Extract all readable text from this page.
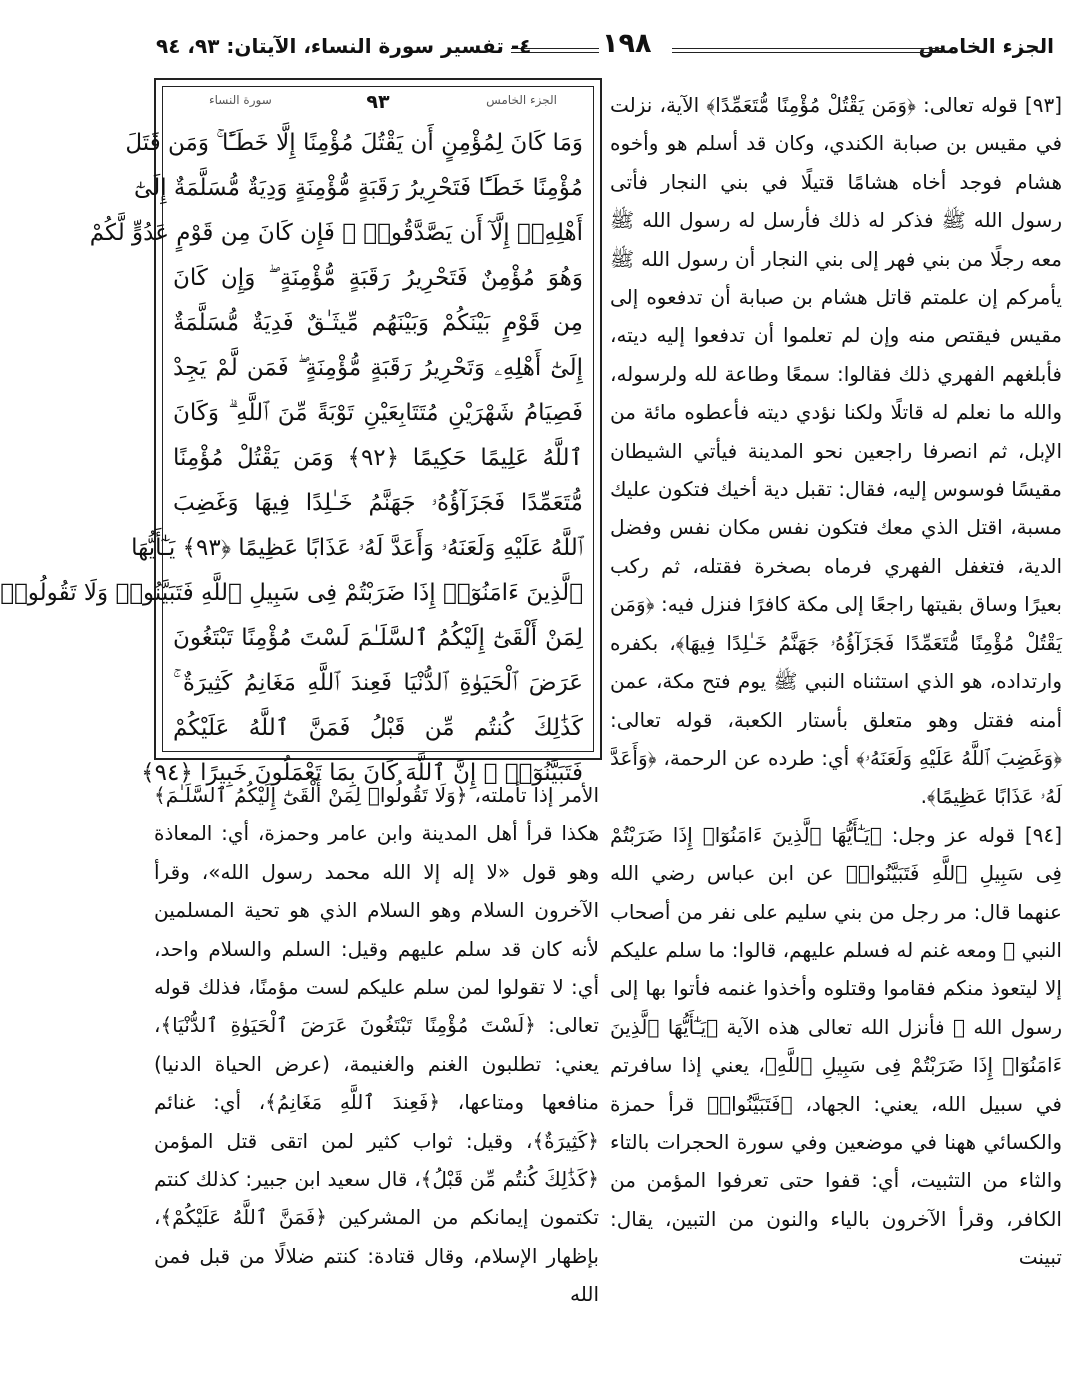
الجزء الخامس
١٩٨
٤- تفسير سورة النساء، الآيتان: ٩٣، ٩٤

[٩٣] قوله تعالى: ﴿وَمَن يَقْتُلْ مُؤْمِنًا مُّتَعَمِّدًا﴾ الآية، نزلت في مقيس بن صبابة الكندي، وكان قد أسلم هو وأخوه هشام فوجد أخاه هشامًا قتيلًا في بني النجار فأتى رسول الله ﷺ فذكر له ذلك فأرسل له رسول الله ﷺ معه رجلًا من بني فهر إلى بني النجار أن رسول الله ﷺ يأمركم إن علمتم قاتل هشام بن صبابة أن تدفعوه إلى مقيس فيقتص منه وإن لم تعلموا أن تدفعوا إليه ديته، فأبلغهم الفهري ذلك فقالوا: سمعًا وطاعة لله ولرسوله، والله ما نعلم له قاتلًا ولكنا نؤدي ديته فأعطوه مائة من الإبل، ثم انصرفا راجعين نحو المدينة فيأتي الشيطان مقيسًا فوسوس إليه، فقال: تقبل دية أخيك فتكون عليك مسبة، اقتل الذي معك فتكون نفس مكان نفس وفضل الدية، فتغفل الفهري فرماه بصخرة فقتله، ثم ركب بعيرًا وساق بقيتها راجعًا إلى مكة كافرًا فنزل فيه: ﴿وَمَن يَقْتُلْ مُؤْمِنًا مُّتَعَمِّدًا فَجَزَآؤُهُۥ جَهَنَّمُ خَـٰلِدًا فِيهَا﴾، بكفره وارتداده، هو الذي استثناه النبي ﷺ يوم فتح مكة، عمن أمنه فقتل وهو متعلق بأستار الكعبة، قوله تعالى: ﴿وَغَضِبَ ٱللَّهُ عَلَيْهِ وَلَعَنَهُۥ﴾ أي: طرده عن الرحمة، ﴿وَأَعَدَّ لَهُۥ عَذَابًا عَظِيمًا﴾.

[٩٤] قوله عز وجل: ﴿يَـٰٓأَيُّهَا ٱلَّذِينَ ءَامَنُوٓا۟ إِذَا ضَرَبْتُمْ فِى سَبِيلِ ٱللَّهِ فَتَبَيَّنُوا۟﴾ عن ابن عباس رضي الله عنهما قال: مر رجل من بني سليم على نفر من أصحاب النبي ﷺ ومعه غنم له فسلم عليهم، قالوا: ما سلم عليكم إلا ليتعوذ منكم فقاموا وقتلوه وأخذوا غنمه فأتوا بها إلى رسول الله ﷺ فأنزل الله تعالى هذه الآية ﴿يَـٰٓأَيُّهَا ٱلَّذِينَ ءَامَنُوٓا۟ إِذَا ضَرَبْتُمْ فِى سَبِيلِ ٱللَّهِ﴾، يعني إذا سافرتم في سبيل الله، يعني: الجهاد، ﴿فَتَبَيَّنُوا۟﴾ قرأ حمزة والكسائي ههنا في موضعين وفي سورة الحجرات بالتاء والثاء من التثبيت، أي: قفوا حتى تعرفوا المؤمن من الكافر، وقرأ الآخرون بالياء والنون من التبين، يقال: تبينت

الجزء الخامس
سورة النساء	٩٣
وَمَا كَانَ لِمُؤْمِنٍ أَن يَقْتُلَ مُؤْمِنًا إِلَّا خَطَـًٔا ۚ وَمَن قَتَلَ
مُؤْمِنًا خَطَـًٔا فَتَحْرِيرُ رَقَبَةٍ مُّؤْمِنَةٍ وَدِيَةٌ مُّسَلَّمَةٌ إِلَىٰٓ
أَهْلِهِۦٓ إِلَّآ أَن يَصَّدَّقُوا۟ ۚ فَإِن كَانَ مِن قَوْمٍ عَدُوٍّ لَّكُمْ
وَهُوَ مُؤْمِنٌ فَتَحْرِيرُ رَقَبَةٍ مُّؤْمِنَةٍ ۖ وَإِن كَانَ
مِن قَوْمٍ بَيْنَكُمْ وَبَيْنَهُم مِّيثَـٰقٌ فَدِيَةٌ مُّسَلَّمَةٌ
إِلَىٰٓ أَهْلِهِۦ وَتَحْرِيرُ رَقَبَةٍ مُّؤْمِنَةٍ ۖ فَمَن لَّمْ يَجِدْ
فَصِيَامُ شَهْرَيْنِ مُتَتَابِعَيْنِ تَوْبَةً مِّنَ ٱللَّهِ ۗ وَكَانَ
ٱللَّهُ عَلِيمًا حَكِيمًا ﴿٩٢﴾ وَمَن يَقْتُلْ مُؤْمِنًا
مُّتَعَمِّدًا فَجَزَآؤُهُۥ جَهَنَّمُ خَـٰلِدًا فِيهَا وَغَضِبَ
ٱللَّهُ عَلَيْهِ وَلَعَنَهُۥ وَأَعَدَّ لَهُۥ عَذَابًا عَظِيمًا ﴿٩٣﴾ يَـٰٓأَيُّهَا
ٱلَّذِينَ ءَامَنُوٓا۟ إِذَا ضَرَبْتُمْ فِى سَبِيلِ ٱللَّهِ فَتَبَيَّنُوا۟ وَلَا تَقُولُوا۟
لِمَنْ أَلْقَىٰٓ إِلَيْكُمُ ٱلسَّلَـٰمَ لَسْتَ مُؤْمِنًا تَبْتَغُونَ
عَرَضَ ٱلْحَيَوٰةِ ٱلدُّنْيَا فَعِندَ ٱللَّهِ مَغَانِمُ كَثِيرَةٌ ۚ
كَذَٰلِكَ كُنتُم مِّن قَبْلُ فَمَنَّ ٱللَّهُ عَلَيْكُمْ
فَتَبَيَّنُوٓا۟ ۚ إِنَّ ٱللَّهَ كَانَ بِمَا تَعْمَلُونَ خَبِيرًا ﴿٩٤﴾

الأمر إذا تأملته، ﴿وَلَا تَقُولُوا۟ لِمَنْ أَلْقَىٰٓ إِلَيْكُمُ ٱلسَّلَـٰمَ﴾ هكذا قرأ أهل المدينة وابن عامر وحمزة، أي: المعاذة وهو قول «لا إله إلا الله محمد رسول الله»، وقرأ الآخرون السلام وهو السلام الذي هو تحية المسلمين لأنه كان قد سلم عليهم وقيل: السلم والسلام واحد، أي: لا تقولوا لمن سلم عليكم لست مؤمنًا، فذلك قوله تعالى: ﴿لَسْتَ مُؤْمِنًا تَبْتَغُونَ عَرَضَ ٱلْحَيَوٰةِ ٱلدُّنْيَا﴾، يعني: تطلبون الغنم والغنيمة، (عرض الحياة الدنيا) منافعها ومتاعها، ﴿فَعِندَ ٱللَّهِ مَغَانِمُ﴾، أي: غنائم ﴿كَثِيرَةٌ﴾، وقيل: ثواب كثير لمن اتقى قتل المؤمن ﴿كَذَٰلِكَ كُنتُم مِّن قَبْلُ﴾، قال سعيد ابن جبير: كذلك كنتم تكتمون إيمانكم من المشركين ﴿فَمَنَّ ٱللَّهُ عَلَيْكُمْ﴾، بإظهار الإسلام، وقال قتادة: كنتم ضلالًا من قبل فمن الله
